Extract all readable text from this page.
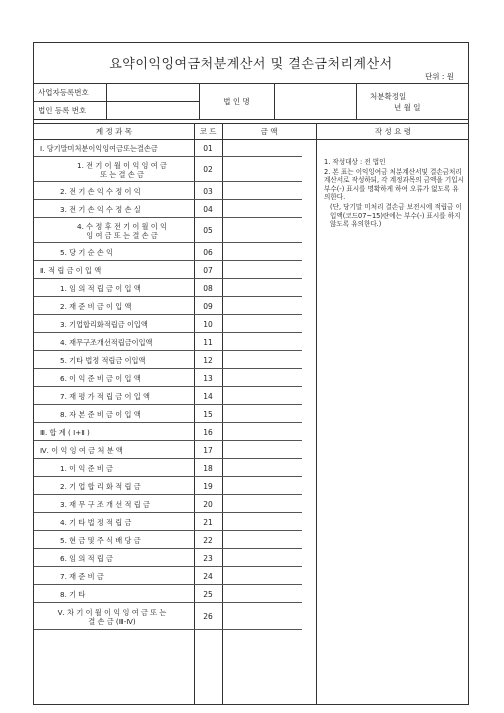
요약이익잉여금처분계산서 및 결손금처리계산서
단위 : 원
사업자등록번호
법인 등록 번호
법 인 명
처분확정일
년 월 일
계 정 과 목	코 드	금 액	작 성 요 령
Ⅰ. 당기말미처분이익잉여금또는결손금	01
1. 전 기 이 월 이 익 잉 여 금
또 는 결 손 금	02
2. 전 기 손 익 수 정 이 익	03
3. 전 기 손 익 수 정 손 실	04
4. 수 정 후 전 기 이 월 이 익
잉 여 금 또 는 결 손 금	05
5. 당 기 순 손 익	06
Ⅱ. 적 립 금 이 입 액	07
1. 임 의 적 립 금 이 입 액	08
2. 재 준 비 금 이 입 액	09
3. 기업합리화적립금 이입액	10
4. 재무구조개선적립금이입액	11
5. 기타 법정 적립금 이입액	12
6. 이 익 준 비 금 이 입 액	13
7. 재 평 가 적 립 금 이 입 액	14
8. 자 본 준 비 금 이 입 액	15
Ⅲ. 합 계 ( Ⅰ+Ⅱ )	16
Ⅳ. 이 익 잉 여 금 처 분 액	17
1. 이 익 준 비 금	18
2. 기 업 합 리 화 적 립 금	19
3. 재 무 구 조 개 선 적 립 금	20
4. 기 타 법 정 적 립 금	21
5. 현 금 및 주 식 배 당 금	22
6. 임 의 적 립 금	23
7. 재 준 비 금	24
8. 기 타	25
Ⅴ. 차 기 이 월 이 익 잉 여 금 또 는
결 손 금 (Ⅲ-Ⅳ)	26

1. 작성대상 : 전 법인

2. 본 표는 이익잉여금 처분계산서및 결손금처리계산서로 작성하되, 각 계정과목의 금액을 기입시 부수(-) 표시를 명확하게 하여 오류가 없도록 유의한다.

(단, 당기말 미처리 결손금 보전시에 적립금 이입액(코드07~15)란에는 부수(-) 표시를 하지 않도록 유의한다.)
